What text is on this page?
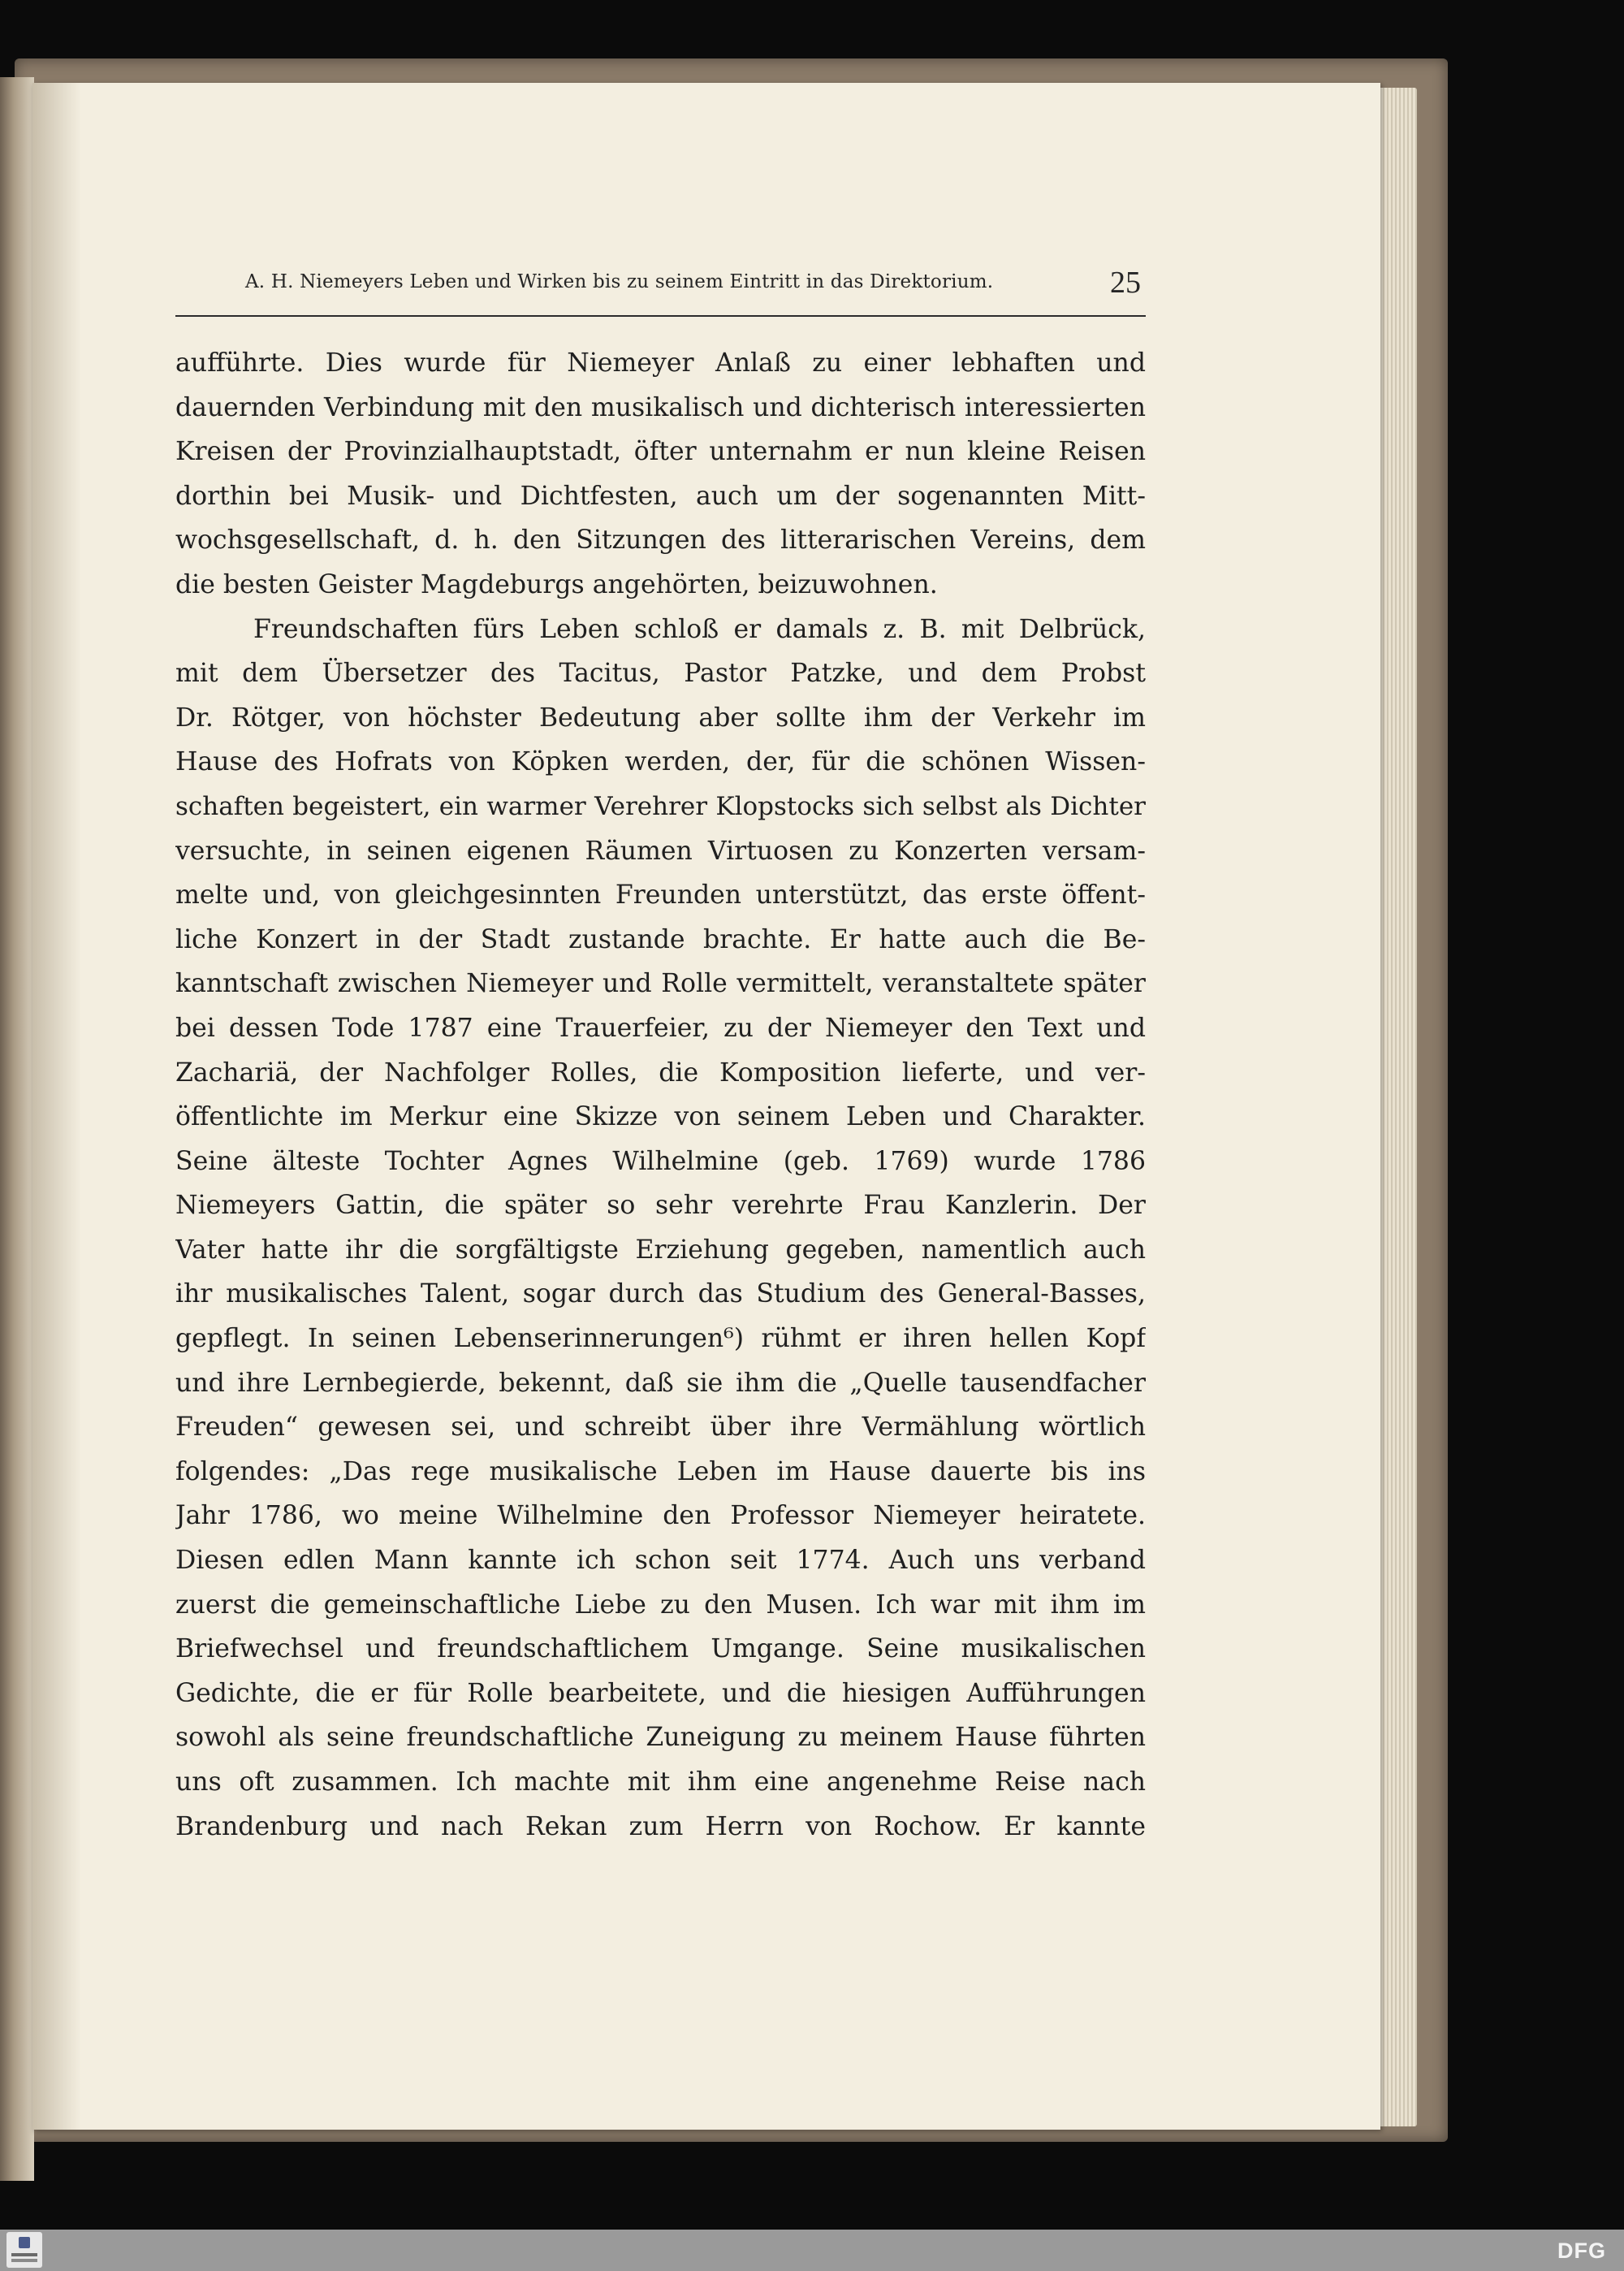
A. H. Niemeyers Leben und Wirken bis zu seinem Eintritt in das Direktorium.	25
aufführte. Dies wurde für Niemeyer Anlaß zu einer lebhaften und
dauernden Verbindung mit den musikalisch und dichterisch interessierten
Kreisen der Provinzialhauptstadt, öfter unternahm er nun kleine Reisen
dorthin bei Musik- und Dichtfesten, auch um der sogenannten Mitt-
wochsgesellschaft, d. h. den Sitzungen des litterarischen Vereins, dem
die besten Geister Magdeburgs angehörten, beizuwohnen.
Freundschaften fürs Leben schloß er damals z. B. mit Delbrück,
mit dem Übersetzer des Tacitus, Pastor Patzke, und dem Probst
Dr. Rötger, von höchster Bedeutung aber sollte ihm der Verkehr im
Hause des Hofrats von Köpken werden, der, für die schönen Wissen-
schaften begeistert, ein warmer Verehrer Klopstocks sich selbst als Dichter
versuchte, in seinen eigenen Räumen Virtuosen zu Konzerten versam-
melte und, von gleichgesinnten Freunden unterstützt, das erste öffent-
liche Konzert in der Stadt zustande brachte. Er hatte auch die Be-
kanntschaft zwischen Niemeyer und Rolle vermittelt, veranstaltete später
bei dessen Tode 1787 eine Trauerfeier, zu der Niemeyer den Text und
Zachariä, der Nachfolger Rolles, die Komposition lieferte, und ver-
öffentlichte im Merkur eine Skizze von seinem Leben und Charakter.
Seine älteste Tochter Agnes Wilhelmine (geb. 1769) wurde 1786
Niemeyers Gattin, die später so sehr verehrte Frau Kanzlerin. Der
Vater hatte ihr die sorgfältigste Erziehung gegeben, namentlich auch
ihr musikalisches Talent, sogar durch das Studium des General-Basses,
gepflegt. In seinen Lebenserinnerungen⁶) rühmt er ihren hellen Kopf
und ihre Lernbegierde, bekennt, daß sie ihm die „Quelle tausendfacher
Freuden“ gewesen sei, und schreibt über ihre Vermählung wörtlich
folgendes: „Das rege musikalische Leben im Hause dauerte bis ins
Jahr 1786, wo meine Wilhelmine den Professor Niemeyer heiratete.
Diesen edlen Mann kannte ich schon seit 1774. Auch uns verband
zuerst die gemeinschaftliche Liebe zu den Musen. Ich war mit ihm im
Briefwechsel und freundschaftlichem Umgange. Seine musikalischen
Gedichte, die er für Rolle bearbeitete, und die hiesigen Aufführungen
sowohl als seine freundschaftliche Zuneigung zu meinem Hause führten
uns oft zusammen. Ich machte mit ihm eine angenehme Reise nach
Brandenburg und nach Rekan zum Herrn von Rochow. Er kannte
DFG
